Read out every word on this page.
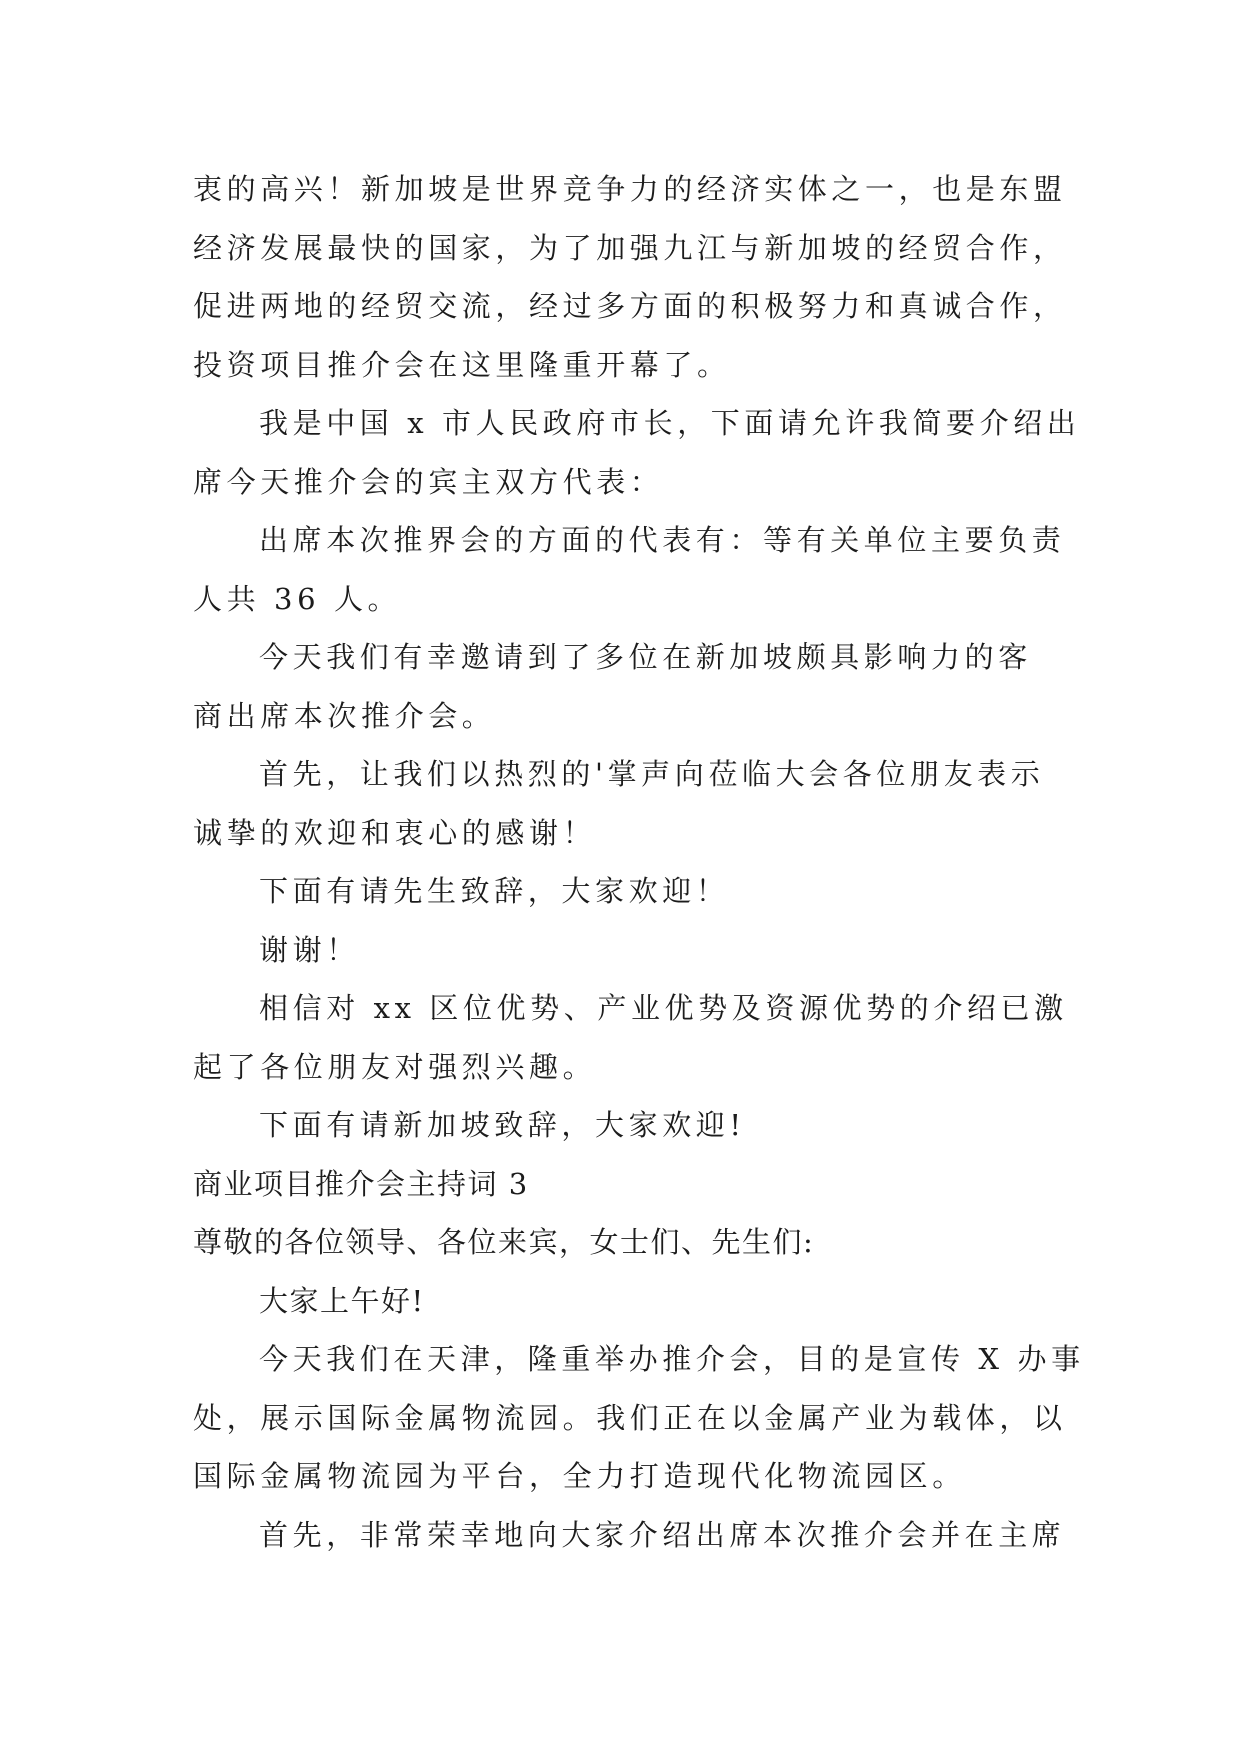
衷的高兴！新加坡是世界竞争力的经济实体之一，也是东盟
经济发展最快的国家，为了加强九江与新加坡的经贸合作，
促进两地的经贸交流，经过多方面的积极努力和真诚合作，
投资项目推介会在这里隆重开幕了。
我是中国 x 市人民政府市长，下面请允许我简要介绍出
席今天推介会的宾主双方代表：
出席本次推界会的方面的代表有：等有关单位主要负责
人共 36 人。
今天我们有幸邀请到了多位在新加坡颇具影响力的客
商出席本次推介会。
首先，让我们以热烈的'掌声向莅临大会各位朋友表示
诚挚的欢迎和衷心的感谢！
下面有请先生致辞，大家欢迎！
谢谢！
相信对 xx 区位优势、产业优势及资源优势的介绍已激
起了各位朋友对强烈兴趣。
下面有请新加坡致辞，大家欢迎!
商业项目推介会主持词 3
尊敬的各位领导、各位来宾，女士们、先生们:
大家上午好!
今天我们在天津，隆重举办推介会，目的是宣传 X 办事
处，展示国际金属物流园。我们正在以金属产业为载体，以
国际金属物流园为平台，全力打造现代化物流园区。
首先，非常荣幸地向大家介绍出席本次推介会并在主席
